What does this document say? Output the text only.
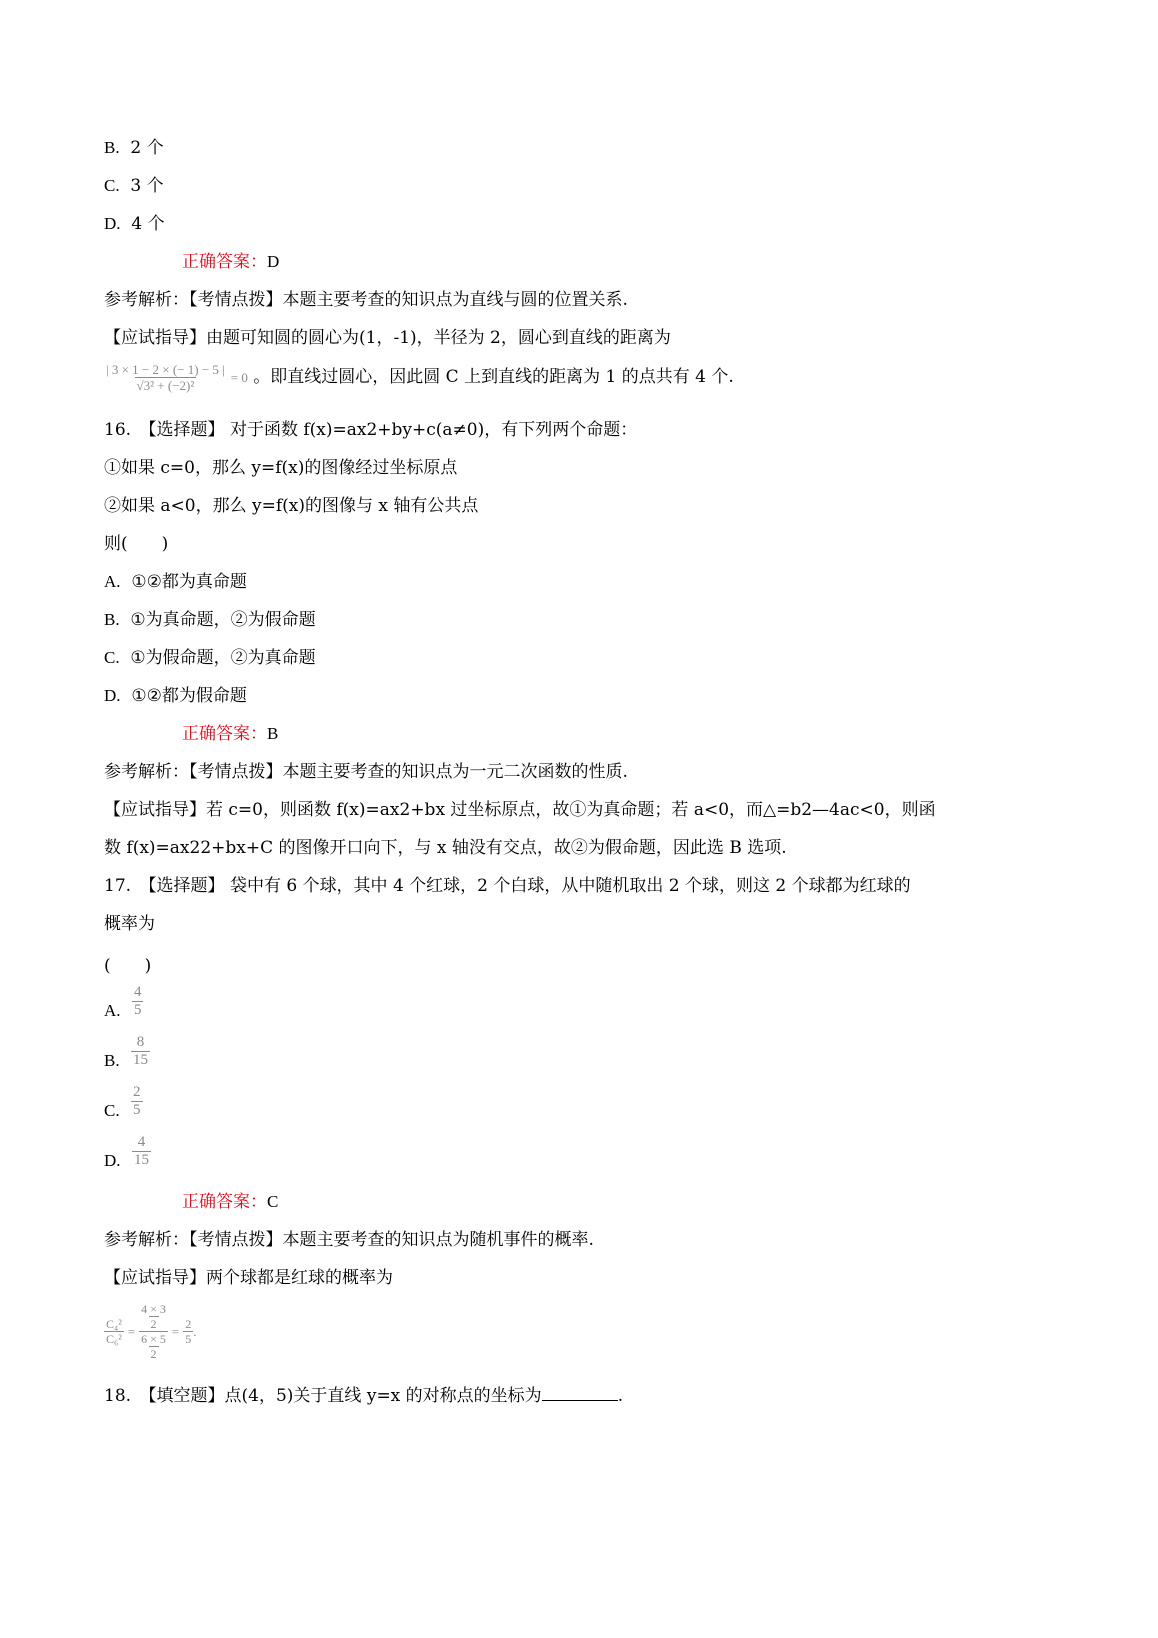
B. 2 个
C. 3 个
D. 4 个
正确答案：D
参考解析：【考情点拨】本题主要考查的知识点为直线与圆的位置关系.
【应试指导】由题可知圆的圆心为(1，-1)，半径为 2，圆心到直线的距离为
$\frac{| 3 \times 1 - 2 \times (- 1) - 5 |}{\text{√3² + (−2)²}} = 0$ 。即直线过圆心，因此圆 C 上到直线的距离为 1 的点共有 4 个.
16.　【选择题】 对于函数 f(x)=ax2+by+c(a≠0)，有下列两个命题：
①如果 c=0，那么 y=f(x)的图像经过坐标原点
②如果 a<0，那么 y=f(x)的图像与 x 轴有公共点
则(　　)
A. ①②都为真命题
B. ①为真命题，②为假命题
C. ①为假命题，②为真命题
D. ①②都为假命题
正确答案：B
参考解析：【考情点拨】本题主要考查的知识点为一元二次函数的性质.
【应试指导】若 c=0，则函数 f(x)=ax2+bx 过坐标原点，故①为真命题；若 a<0，而△=b2—4ac<0，则函
数 f(x)=ax22+bx+C 的图像开口向下，与 x 轴没有交点，故②为假命题，因此选 B 选项.
17.　【选择题】 袋中有 6 个球，其中 4 个红球，2 个白球，从中随机取出 2 个球，则这 2 个球都为红球的
概率为
(　　)
A. $\frac{4}{5}$
B. $\frac{8}{15}$
C. $\frac{2}{5}$
D. $\frac{4}{15}$
正确答案：C
参考解析：【考情点拨】本题主要考查的知识点为随机事件的概率.
【应试指导】两个球都是红球的概率为
$\frac{\text{C₄²}}{\text{C₆²}} = \frac{\frac{4 \times 3}{2}}{\frac{6 \times 5}{2}} = \frac{2}{5}$ .
18.　【填空题】点(4，5)关于直线 y=x 的对称点的坐标为	.
